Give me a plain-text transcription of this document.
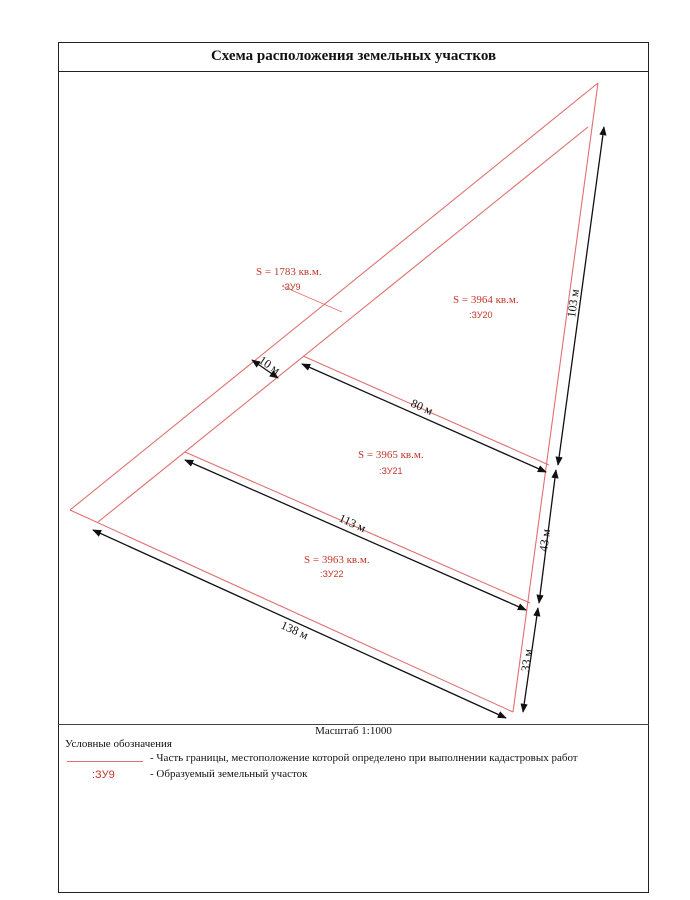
Схема расположения земельных участков
10 м
80 м
103 м
113 м
43 м
138 м
33 м
S = 1783 кв.м.
S = 3964 кв.м.
S = 3965 кв.м.
S = 3963 кв.м.
:ЗУ9
:ЗУ20
:ЗУ21
:ЗУ22
Масштаб 1:1000
Условные обозначения
- Часть границы, местоположение которой определено при выполнении кадастровых работ
:ЗУ9	- Образуемый земельный участок
